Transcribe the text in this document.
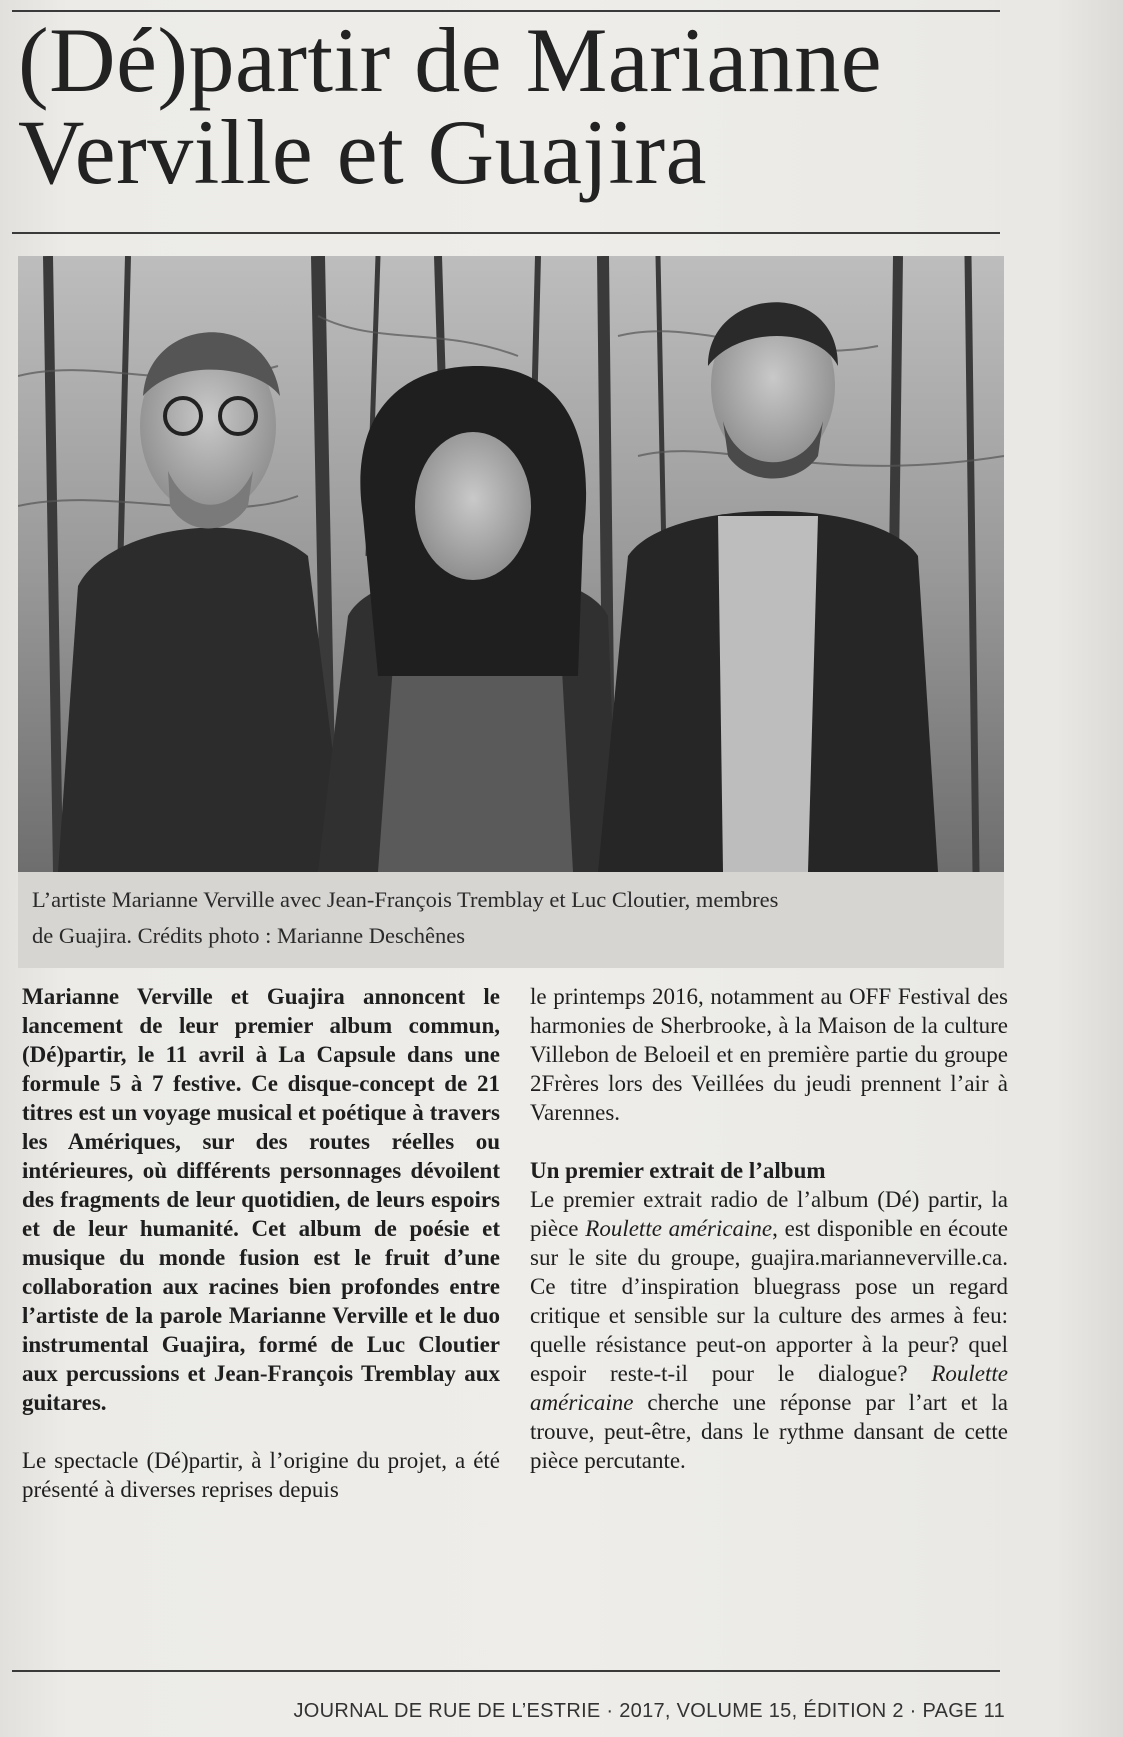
(Dé)partir de Marianne
Verville et Guajira
L’artiste Marianne Verville avec Jean-François Tremblay et Luc Cloutier, membres
de Guajira. Crédits photo : Marianne Deschênes

Marianne Verville et Guajira annoncent le lancement de leur premier album commun, (Dé)partir, le 11 avril à La Capsule dans une formule 5 à 7 festive. Ce disque-concept de 21 titres est un voyage musical et poétique à travers les Amériques, sur des routes réelles ou intérieures, où différents personnages dévoilent des fragments de leur quotidien, de leurs espoirs et de leur humanité. Cet album de poésie et musique du monde fusion est le fruit d’une collaboration aux racines bien profondes entre l’artiste de la parole Marianne Verville et le duo instrumental Guajira, formé de Luc Cloutier aux percussions et Jean-François Tremblay aux guitares.

Le spectacle (Dé)partir, à l’origine du projet, a été présenté à diverses reprises depuis

le printemps 2016, notamment au OFF Festival des harmonies de Sherbrooke, à la Maison de la culture Villebon de Beloeil et en première partie du groupe 2Frères lors des Veillées du jeudi prennent l’air à Varennes.

Un premier extrait de l’album

Le premier extrait radio de l’album (Dé) partir, la pièce Roulette américaine, est disponible en écoute sur le site du groupe, guajira.marianneverville.ca. Ce titre d’inspiration bluegrass pose un regard critique et sensible sur la culture des armes à feu: quelle résistance peut-on apporter à la peur? quel espoir reste-t-il pour le dialogue? Roulette américaine cherche une réponse par l’art et la trouve, peut-être, dans le rythme dansant de cette pièce percutante.

JOURNAL DE RUE DE L’ESTRIE · 2017, VOLUME 15, ÉDITION 2 · PAGE 11
